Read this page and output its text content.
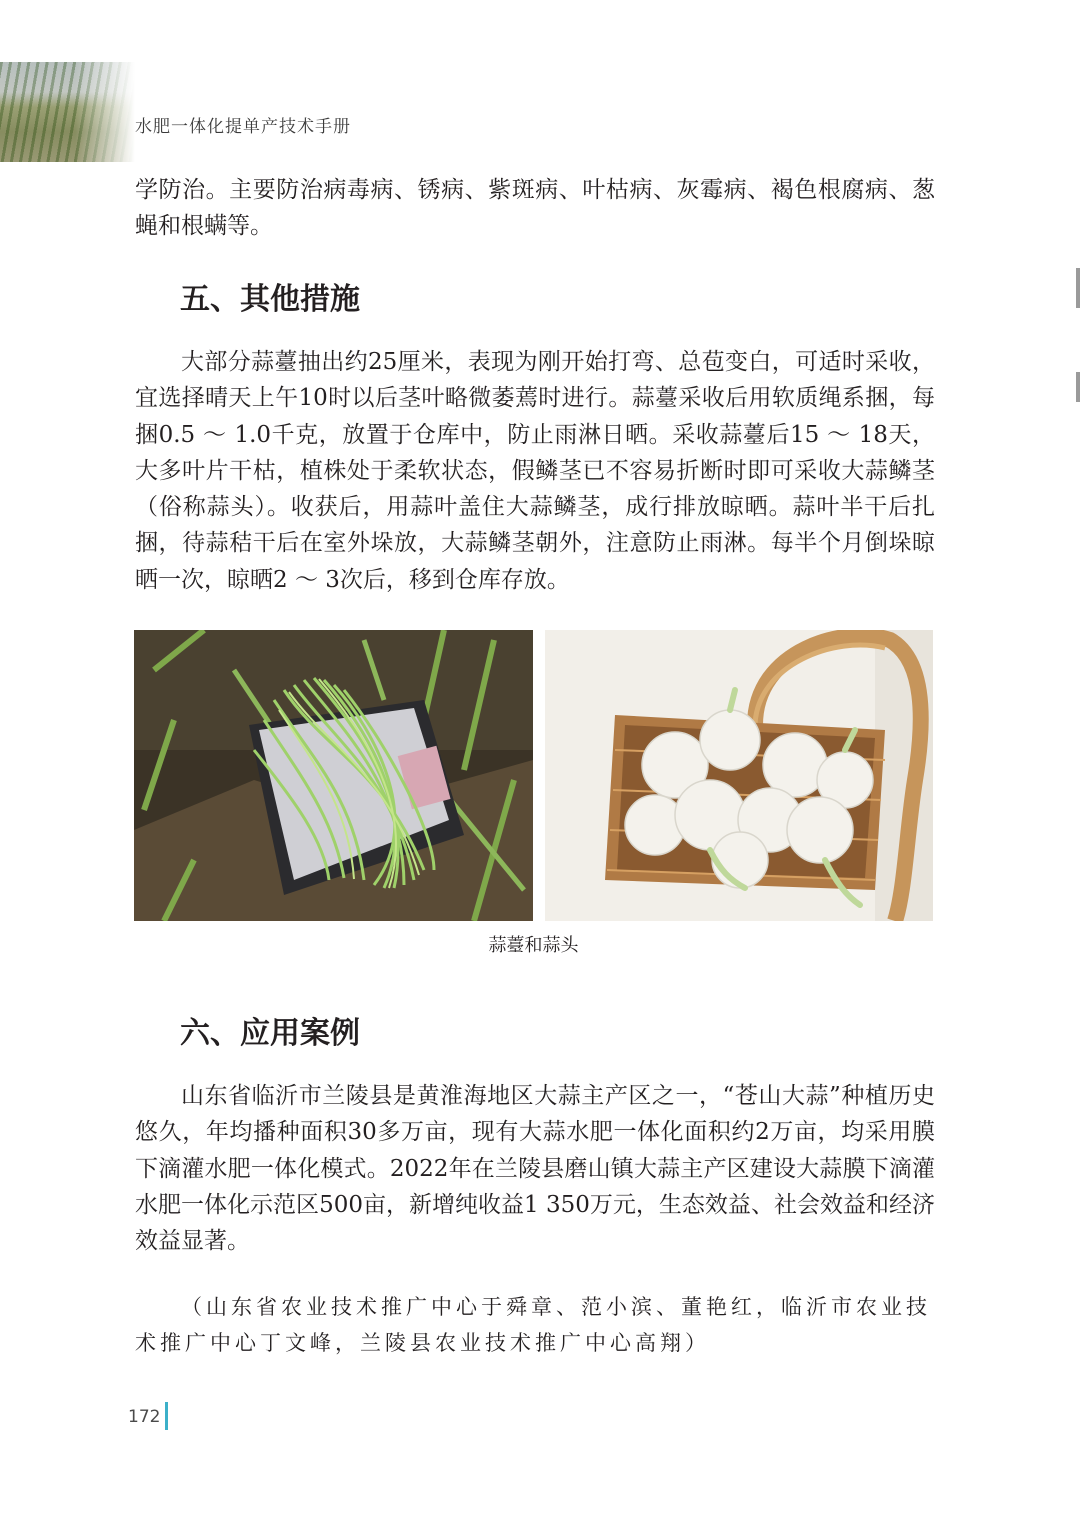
水肥一体化提单产技术手册

学防治。主要防治病毒病、锈病、紫斑病、叶枯病、灰霉病、褐色根腐病、葱蝇和根螨等。

五、其他措施

大部分蒜薹抽出约25厘米，表现为刚开始打弯、总苞变白，可适时采收，宜选择晴天上午10时以后茎叶略微萎蔫时进行。蒜薹采收后用软质绳系捆，每捆0.5 ～ 1.0千克，放置于仓库中，防止雨淋日晒。采收蒜薹后15 ～ 18天，大多叶片干枯，植株处于柔软状态，假鳞茎已不容易折断时即可采收大蒜鳞茎（俗称蒜头）。收获后，用蒜叶盖住大蒜鳞茎，成行排放晾晒。蒜叶半干后扎捆，待蒜秸干后在室外垛放，大蒜鳞茎朝外，注意防止雨淋。每半个月倒垛晾晒一次，晾晒2 ～ 3次后，移到仓库存放。

蒜薹和蒜头
六、应用案例

山东省临沂市兰陵县是黄淮海地区大蒜主产区之一，“苍山大蒜”种植历史悠久，年均播种面积30多万亩，现有大蒜水肥一体化面积约2万亩，均采用膜下滴灌水肥一体化模式。2022年在兰陵县磨山镇大蒜主产区建设大蒜膜下滴灌水肥一体化示范区500亩，新增纯收益1 350万元，生态效益、社会效益和经济效益显著。

（山东省农业技术推广中心于舜章、范小滨、董艳红，临沂市农业技术推广中心丁文峰，兰陵县农业技术推广中心高翔）

172
